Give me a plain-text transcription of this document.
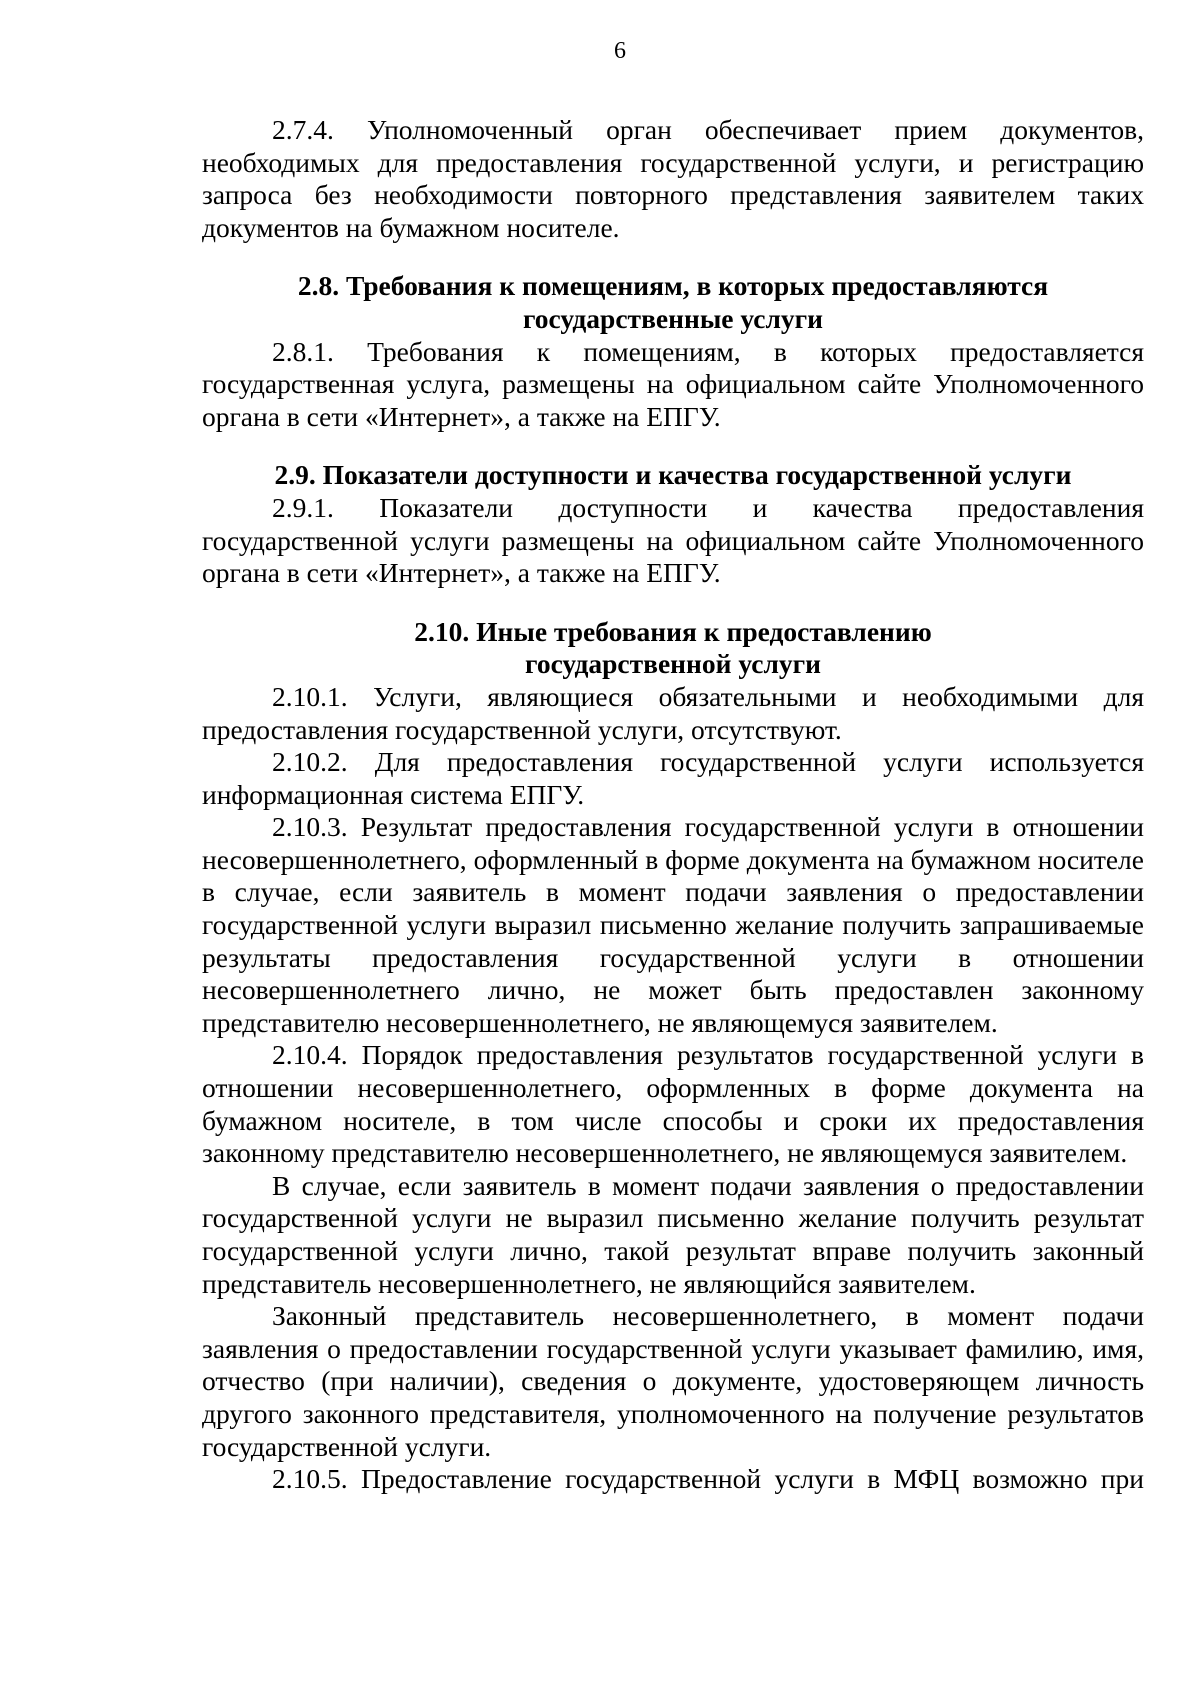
6

2.7.4. Уполномоченный орган обеспечивает прием документов, необходимых для предоставления государственной услуги, и регистрацию запроса без необходимости повторного представления заявителем таких документов на бумажном носителе.

2.8. Требования к помещениям, в которых предоставляются государственные услуги

2.8.1. Требования к помещениям, в которых предоставляется государственная услуга, размещены на официальном сайте Уполномоченного органа в сети «Интернет», а также на ЕПГУ.

2.9. Показатели доступности и качества государственной услуги

2.9.1. Показатели доступности и качества предоставления государственной услуги размещены на официальном сайте Уполномоченного органа в сети «Интернет», а также на ЕПГУ.

2.10. Иные требования к предоставлению государственной услуги

2.10.1. Услуги, являющиеся обязательными и необходимыми для предоставления государственной услуги, отсутствуют.

2.10.2. Для предоставления государственной услуги используется информационная система ЕПГУ.

2.10.3. Результат предоставления государственной услуги в отношении несовершеннолетнего, оформленный в форме документа на бумажном носителе в случае, если заявитель в момент подачи заявления о предоставлении государственной услуги выразил письменно желание получить запрашиваемые результаты предоставления государственной услуги в отношении несовершеннолетнего лично, не может быть предоставлен законному представителю несовершеннолетнего, не являющемуся заявителем.

2.10.4. Порядок предоставления результатов государственной услуги в отношении несовершеннолетнего, оформленных в форме документа на бумажном носителе, в том числе способы и сроки их предоставления законному представителю несовершеннолетнего, не являющемуся заявителем.

В случае, если заявитель в момент подачи заявления о предоставлении государственной услуги не выразил письменно желание получить результат государственной услуги лично, такой результат вправе получить законный представитель несовершеннолетнего, не являющийся заявителем.

Законный представитель несовершеннолетнего, в момент подачи заявления о предоставлении государственной услуги указывает фамилию, имя, отчество (при наличии), сведения о документе, удостоверяющем личность другого законного представителя, уполномоченного на получение результатов государственной услуги.

2.10.5. Предоставление государственной услуги в МФЦ возможно при
